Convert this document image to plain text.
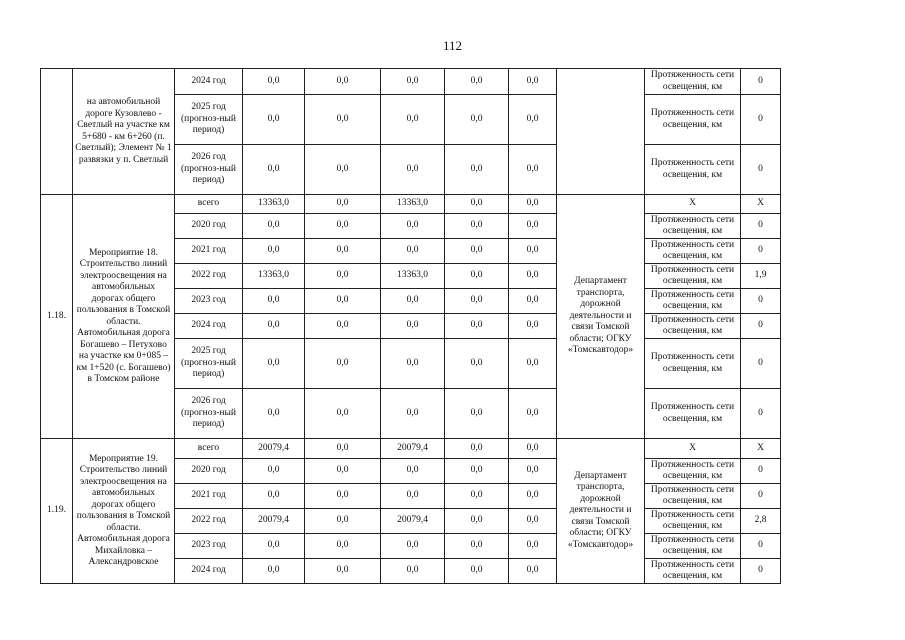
112
	на автомобильной дороге Кузовлево - Светлый на участке км 5+680 - км 6+260 (п. Светлый); Элемент № 1 развязки у п. Светлый	2024 год	0,0	0,0	0,0	0,0	0,0		Протяженность сети освещения, км	0
		2025 год (прогноз-ный период)	0,0	0,0	0,0	0,0	0,0		Протяженность сети освещения, км	0
		2026 год (прогноз-ный период)	0,0	0,0	0,0	0,0	0,0		Протяженность сети освещения, км	0
1.18.	Мероприятие 18. Строительство линий электроосвещения на автомобильных дорогах общего пользования в Томской области. Автомобильная дорога Богашево – Петухово на участке км 0+085 – км 1+520 (с. Богашево) в Томском районе	всего	13363,0	0,0	13363,0	0,0	0,0	Департамент транспорта, дорожной деятельности и связи Томской области; ОГКУ «Томскавтодор»	Х	Х
		2020 год	0,0	0,0	0,0	0,0	0,0		Протяженность сети освещения, км	0
		2021 год	0,0	0,0	0,0	0,0	0,0		Протяженность сети освещения, км	0
		2022 год	13363,0	0,0	13363,0	0,0	0,0		Протяженность сети освещения, км	1,9
		2023 год	0,0	0,0	0,0	0,0	0,0		Протяженность сети освещения, км	0
		2024 год	0,0	0,0	0,0	0,0	0,0		Протяженность сети освещения, км	0
		2025 год (прогноз-ный период)	0,0	0,0	0,0	0,0	0,0		Протяженность сети освещения, км	0
		2026 год (прогноз-ный период)	0,0	0,0	0,0	0,0	0,0		Протяженность сети освещения, км	0
1.19.	Мероприятие 19. Строительство линий электроосвещения на автомобильных дорогах общего пользования в Томской области. Автомобильная дорога Михайловка – Александровское	всего	20079,4	0,0	20079,4	0,0	0,0	Департамент транспорта, дорожной деятельности и связи Томской области; ОГКУ «Томскавтодор»	Х	Х
		2020 год	0,0	0,0	0,0	0,0	0,0		Протяженность сети освещения, км	0
		2021 год	0,0	0,0	0,0	0,0	0,0		Протяженность сети освещения, км	0
		2022 год	20079,4	0,0	20079,4	0,0	0,0		Протяженность сети освещения, км	2,8
		2023 год	0,0	0,0	0,0	0,0	0,0		Протяженность сети освещения, км	0
		2024 год	0,0	0,0	0,0	0,0	0,0		Протяженность сети освещения, км	0
